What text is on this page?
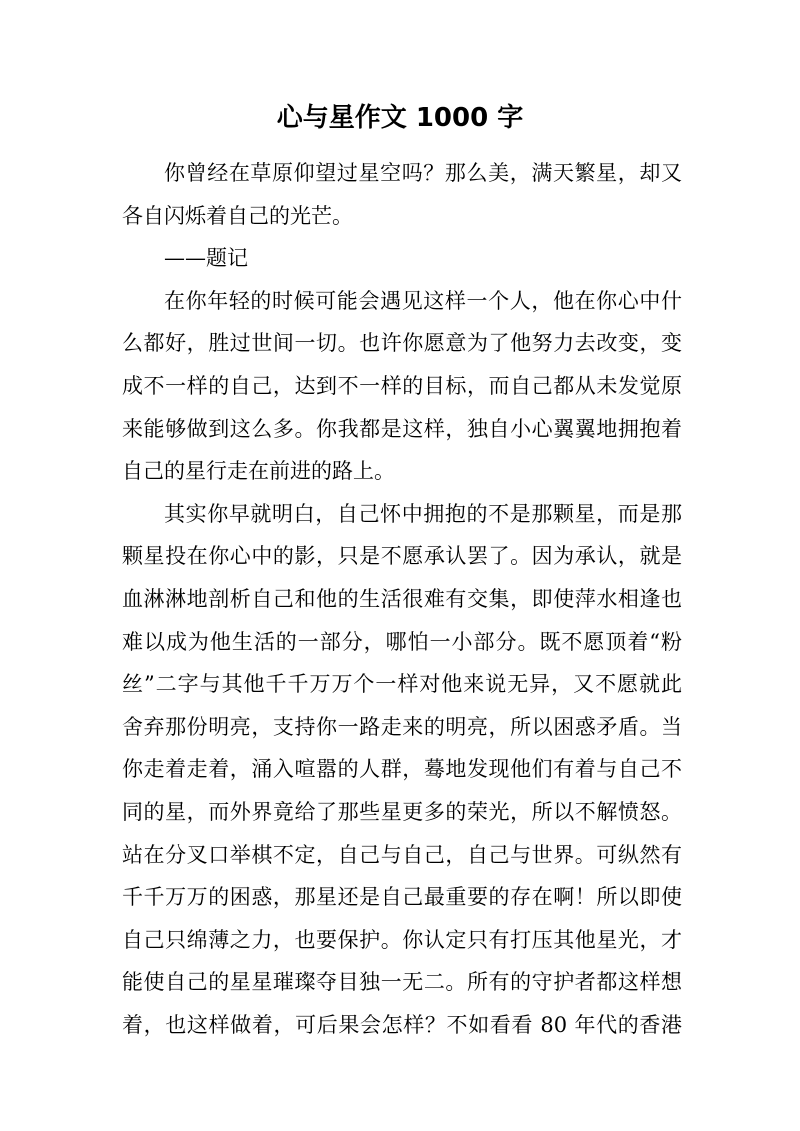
心与星作文 1000 字
你曾经在草原仰望过星空吗？那么美，满天繁星，却又
各自闪烁着自己的光芒。
——题记
在你年轻的时候可能会遇见这样一个人，他在你心中什
么都好，胜过世间一切。也许你愿意为了他努力去改变，变
成不一样的自己，达到不一样的目标，而自己都从未发觉原
来能够做到这么多。你我都是这样，独自小心翼翼地拥抱着
自己的星行走在前进的路上。
其实你早就明白，自己怀中拥抱的不是那颗星，而是那
颗星投在你心中的影，只是不愿承认罢了。因为承认，就是
血淋淋地剖析自己和他的生活很难有交集，即使萍水相逢也
难以成为他生活的一部分，哪怕一小部分。既不愿顶着“粉
丝”二字与其他千千万万个一样对他来说无异，又不愿就此
舍弃那份明亮，支持你一路走来的明亮，所以困惑矛盾。当
你走着走着，涌入喧嚣的人群，蓦地发现他们有着与自己不
同的星，而外界竟给了那些星更多的荣光，所以不解愤怒。
站在分叉口举棋不定，自己与自己，自己与世界。可纵然有
千千万万的困惑，那星还是自己最重要的存在啊！所以即使
自己只绵薄之力，也要保护。你认定只有打压其他星光，才
能使自己的星星璀璨夺目独一无二。所有的守护者都这样想
着，也这样做着，可后果会怎样？不如看看 80 年代的香港
